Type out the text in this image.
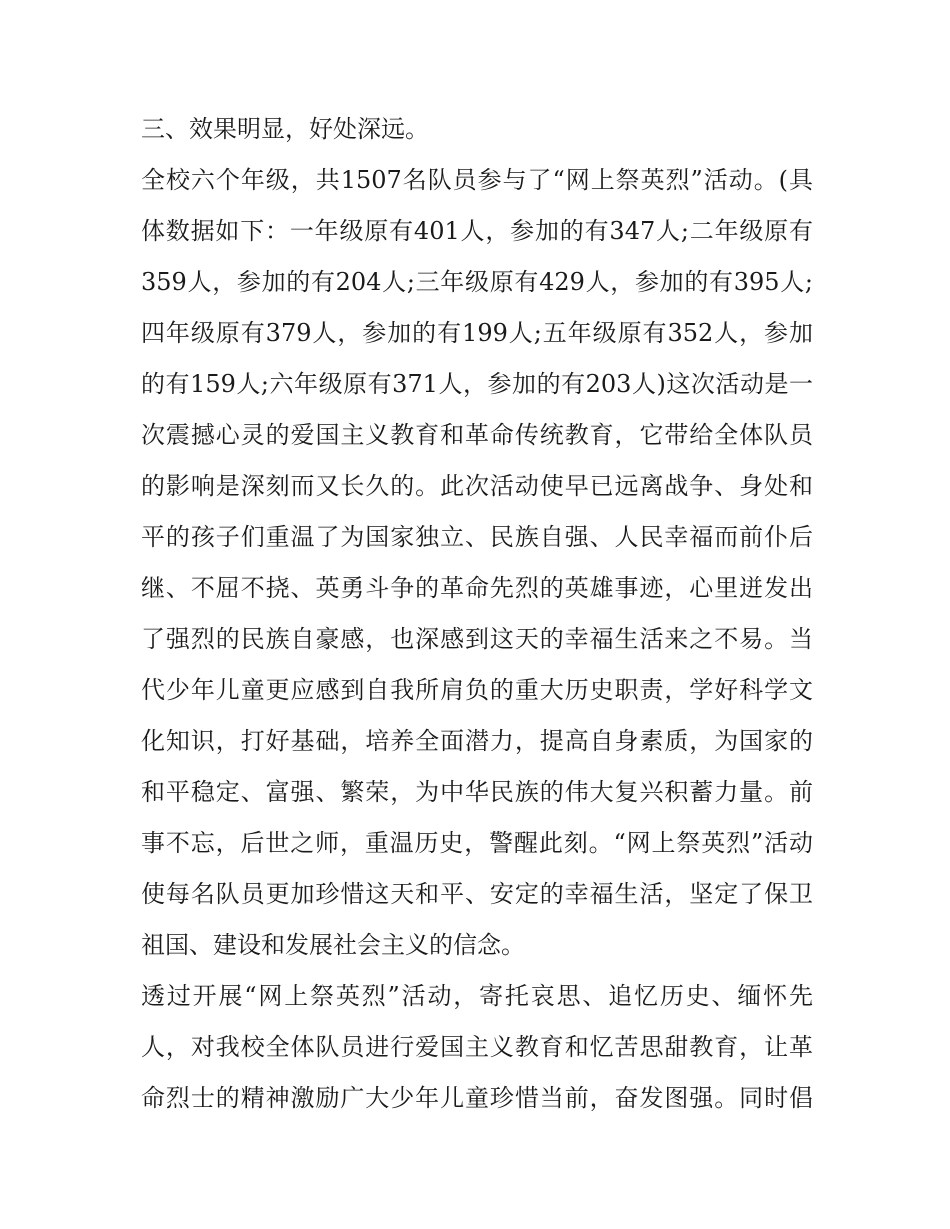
三、效果明显，好处深远。
全校六个年级，共1507名队员参与了“网上祭英烈”活动。(具
体数据如下：一年级原有401人，参加的有347人;二年级原有
359人，参加的有204人;三年级原有429人，参加的有395人;
四年级原有379人，参加的有199人;五年级原有352人，参加
的有159人;六年级原有371人，参加的有203人)这次活动是一
次震撼心灵的爱国主义教育和革命传统教育，它带给全体队员
的影响是深刻而又长久的。此次活动使早已远离战争、身处和
平的孩子们重温了为国家独立、民族自强、人民幸福而前仆后
继、不屈不挠、英勇斗争的革命先烈的英雄事迹，心里迸发出
了强烈的民族自豪感，也深感到这天的幸福生活来之不易。当
代少年儿童更应感到自我所肩负的重大历史职责，学好科学文
化知识，打好基础，培养全面潜力，提高自身素质，为国家的
和平稳定、富强、繁荣，为中华民族的伟大复兴积蓄力量。前
事不忘，后世之师，重温历史，警醒此刻。“网上祭英烈”活动
使每名队员更加珍惜这天和平、安定的幸福生活，坚定了保卫
祖国、建设和发展社会主义的信念。
透过开展“网上祭英烈”活动，寄托哀思、追忆历史、缅怀先
人，对我校全体队员进行爱国主义教育和忆苦思甜教育，让革
命烈士的精神激励广大少年儿童珍惜当前，奋发图强。同时倡
